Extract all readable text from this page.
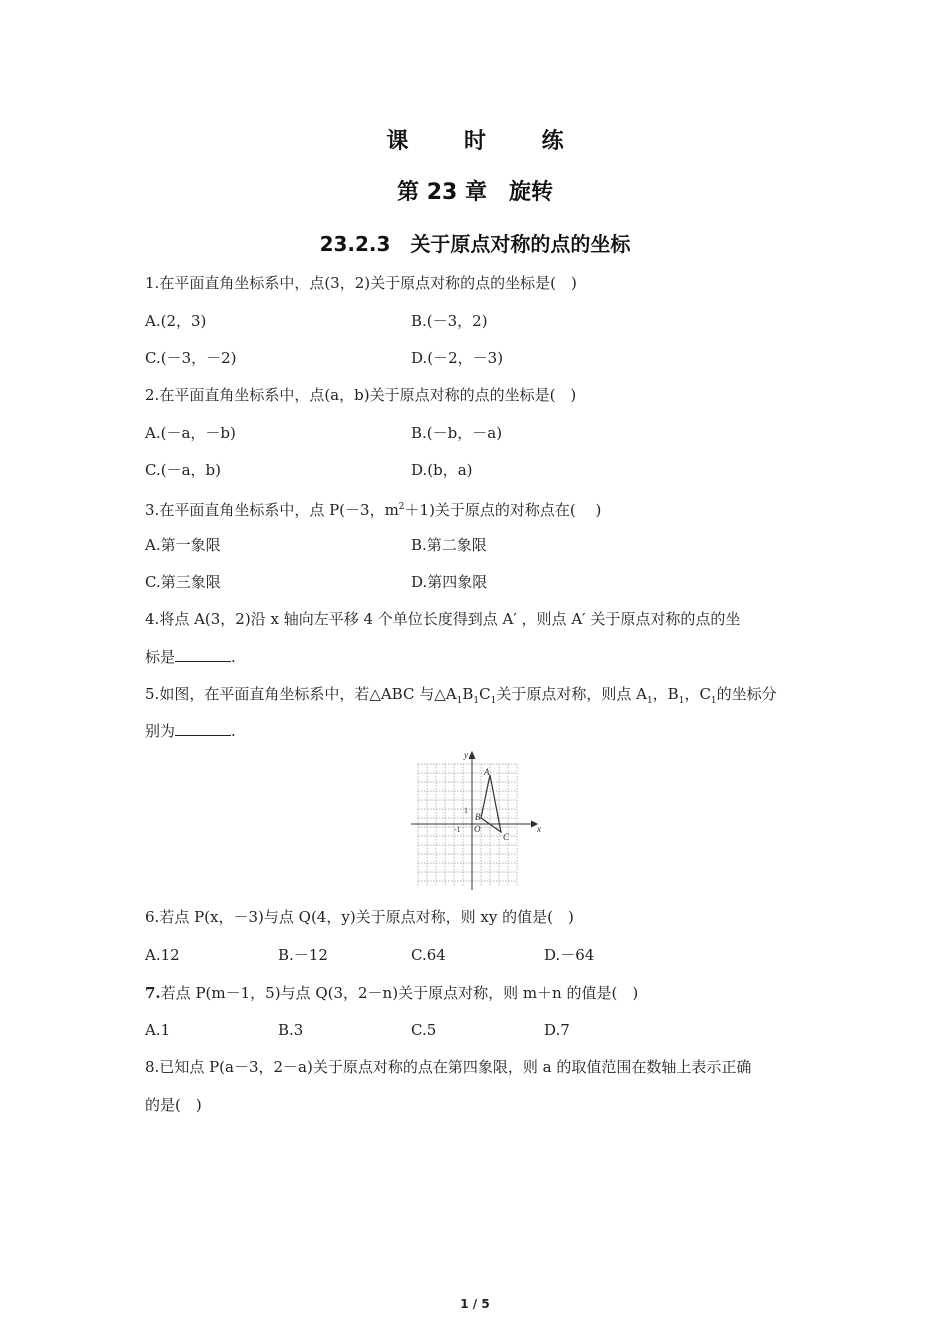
课 时 练
第 23 章　旋转
23.2.3　关于原点对称的点的坐标
1.在平面直角坐标系中，点(3，2)关于原点对称的点的坐标是(　)
A.(2，3)	B.(－3，2)
C.(－3，－2)	D.(－2，－3)
2.在平面直角坐标系中，点(a，b)关于原点对称的点的坐标是(　)
A.(－a，－b)	B.(－b，－a)
C.(－a，b)	D.(b，a)
3.在平面直角坐标系中，点 P(－3，$m^2+1$)关于原点的对称点在(　 )
A.第一象限	B.第二象限
C.第三象限	D.第四象限
4.将点 A(3，2)沿 x 轴向左平移 4 个单位长度得到点 A′ ，则点 A′ 关于原点对称的点的坐
标是	.
5.如图，在平面直角坐标系中，若△ABC 与$\triangle A_1B_1C_1$关于原点对称，则点 $A_1$，$B_1$，$C_1$的坐标分
别为	.
y
x
A
B
C
O
1
-1
6.若点 P(x，－3)与点 Q(4，y)关于原点对称，则 xy 的值是(　)
A.12	B.－12	C.64	D.－64
7.若点 P(m－1，5)与点 Q(3，2－n)关于原点对称，则 m＋n 的值是(　)
A.1	B.3	C.5	D.7
8.已知点 P(a－3，2－a)关于原点对称的点在第四象限，则 a 的取值范围在数轴上表示正确
的是(　)
1 / 5
